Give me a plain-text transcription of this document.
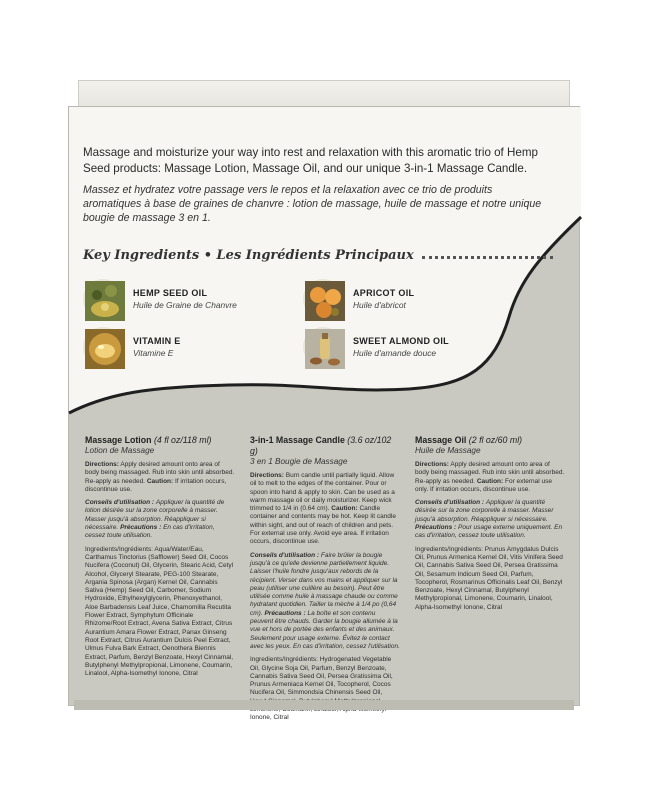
Massage and moisturize your way into rest and relaxation with this aromatic trio of Hemp Seed products: Massage Lotion, Massage Oil, and our unique 3-in-1 Massage Candle.

Massez et hydratez votre passage vers le repos et la relaxation avec ce trio de produits aromatiques à base de graines de chanvre : lotion de massage, huile de massage et notre unique bougie de massage 3 en 1.

Key Ingredients • Les Ingrédients Principaux
HEMP SEED OIL
Huile de Graine de Chanvre
APRICOT OIL
Huile d'abricot
VITAMIN E
Vitamine E
SWEET ALMOND OIL
Huile d'amande douce
Massage Lotion (4 fl oz/118 ml)
Lotion de Massage

Directions: Apply desired amount onto area of body being massaged. Rub into skin until absorbed. Re-apply as needed. Caution: If irritation occurs, discontinue use.

Conseils d'utilisation : Appliquer la quantité de lotion désirée sur la zone corporelle à masser. Masser jusqu'à absorption. Réappliquer si nécessaire. Précautions : En cas d'irritation, cessez toute utilisation.

Ingredients/Ingrédients: Aqua/Water/Eau, Carthamus Tinctorius (Safflower) Seed Oil, Cocos Nucifera (Coconut) Oil, Glycerin, Stearic Acid, Cetyl Alcohol, Glyceryl Stearate, PEG-100 Stearate, Argania Spinosa (Argan) Kernel Oil, Cannabis Sativa (Hemp) Seed Oil, Carbomer, Sodium Hydroxide, Ethylhexylglycerin, Phenoxyethanol, Aloe Barbadensis Leaf Juice, Chamomilla Recutita Flower Extract, Symphytum Officinale Rhizome/Root Extract, Avena Sativa Extract, Citrus Aurantium Amara Flower Extract, Panax Ginseng Root Extract, Citrus Aurantium Dulcis Peel Extract, Ulmus Fulva Bark Extract, Oenothera Biennis Extract, Parfum, Benzyl Benzoate, Hexyl Cinnamal, Butylphenyl Methylpropional, Limonene, Coumarin, Linalool, Alpha-Isomethyl Ionone, Citral

3-in-1 Massage Candle (3.6 oz/102 g)
3 en 1 Bougie de Massage

Directions: Burn candle until partially liquid. Allow oil to melt to the edges of the container. Pour or spoon into hand & apply to skin. Can be used as a warm massage oil or daily moisturizer. Keep wick trimmed to 1/4 in (0.64 cm). Caution: Candle container and contents may be hot. Keep lit candle within sight, and out of reach of children and pets. For external use only. Avoid eye area. If irritation occurs, discontinue use.

Conseils d'utilisation : Faire brûler la bougie jusqu'à ce qu'elle devienne partiellement liquide. Laisser l'huile fondre jusqu'aux rebords de la récipient. Verser dans vos mains et appliquer sur la peau (utiliser une cuillère au besoin). Peut être utilisée comme huile à massage chaude ou comme hydratant quotidien. Tailler la mèche à 1/4 po (0,64 cm). Précautions : La boîte et son contenu peuvent être chauds. Garder la bougie allumée à la vue et hors de portée des enfants et des animaux. Seulement pour usage externe. Évitez le contact avec les yeux. En cas d'irritation, cessez l'utilisation.

Ingredients/Ingrédients: Hydrogenated Vegetable Oil, Glycine Soja Oil, Parfum, Benzyl Benzoate, Cannabis Sativa Seed Oil, Persea Gratissima Oil, Prunus Armeniaca Kernel Oil, Tocopherol, Cocos Nucifera Oil, Simmondsia Chinensis Seed Oil, Ionone, Citral

Massage Oil (2 fl oz/60 ml)
Huile de Massage

Directions: Apply desired amount onto area of body being massaged. Rub into skin until absorbed. Re-apply as needed. Caution: For external use only. If irritation occurs, discontinue use.

Conseils d'utilisation : Appliquer la quantité désirée sur la zone corporelle à masser. Masser jusqu'à absorption. Réappliquer si nécessaire. Précautions : Pour usage externe uniquement. En cas d'irritation, cessez toute utilisation.

Ingredients/Ingrédients: Prunus Amygdalus Dulcis Oil, Prunus Armenica Kernel Oil, Vitis Vinifera Seed Oil, Cannabis Sativa Seed Oil, Persea Gratissima Oil, Sesamum Indicum Seed Oil, Parfum, Tocopherol, Rosmarinus Officinalis Leaf Oil, Benzyl Benzoate, Hexyl Cinnamal, Butylphenyl Methylpropional, Limonene, Coumarin, Linalool, Alpha-Isomethyl Ionone, Citral
